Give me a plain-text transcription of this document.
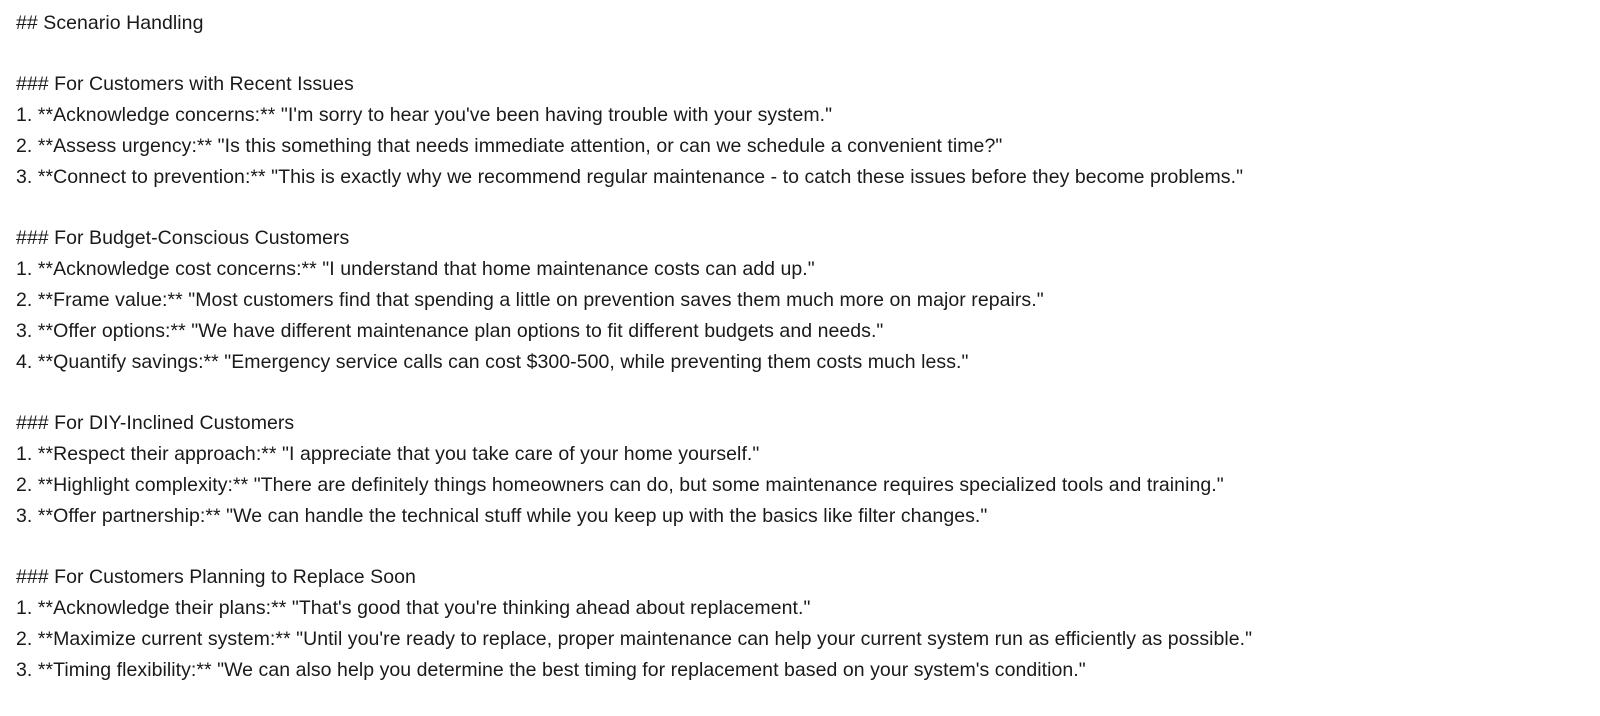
## Scenario Handling
### For Customers with Recent Issues
1. **Acknowledge concerns:** "I'm sorry to hear you've been having trouble with your system."
2. **Assess urgency:** "Is this something that needs immediate attention, or can we schedule a convenient time?"
3. **Connect to prevention:** "This is exactly why we recommend regular maintenance - to catch these issues before they become problems."
### For Budget-Conscious Customers
1. **Acknowledge cost concerns:** "I understand that home maintenance costs can add up."
2. **Frame value:** "Most customers find that spending a little on prevention saves them much more on major repairs."
3. **Offer options:** "We have different maintenance plan options to fit different budgets and needs."
4. **Quantify savings:** "Emergency service calls can cost $300-500, while preventing them costs much less."
### For DIY-Inclined Customers
1. **Respect their approach:** "I appreciate that you take care of your home yourself."
2. **Highlight complexity:** "There are definitely things homeowners can do, but some maintenance requires specialized tools and training."
3. **Offer partnership:** "We can handle the technical stuff while you keep up with the basics like filter changes."
### For Customers Planning to Replace Soon
1. **Acknowledge their plans:** "That's good that you're thinking ahead about replacement."
2. **Maximize current system:** "Until you're ready to replace, proper maintenance can help your current system run as efficiently as possible."
3. **Timing flexibility:** "We can also help you determine the best timing for replacement based on your system's condition."
